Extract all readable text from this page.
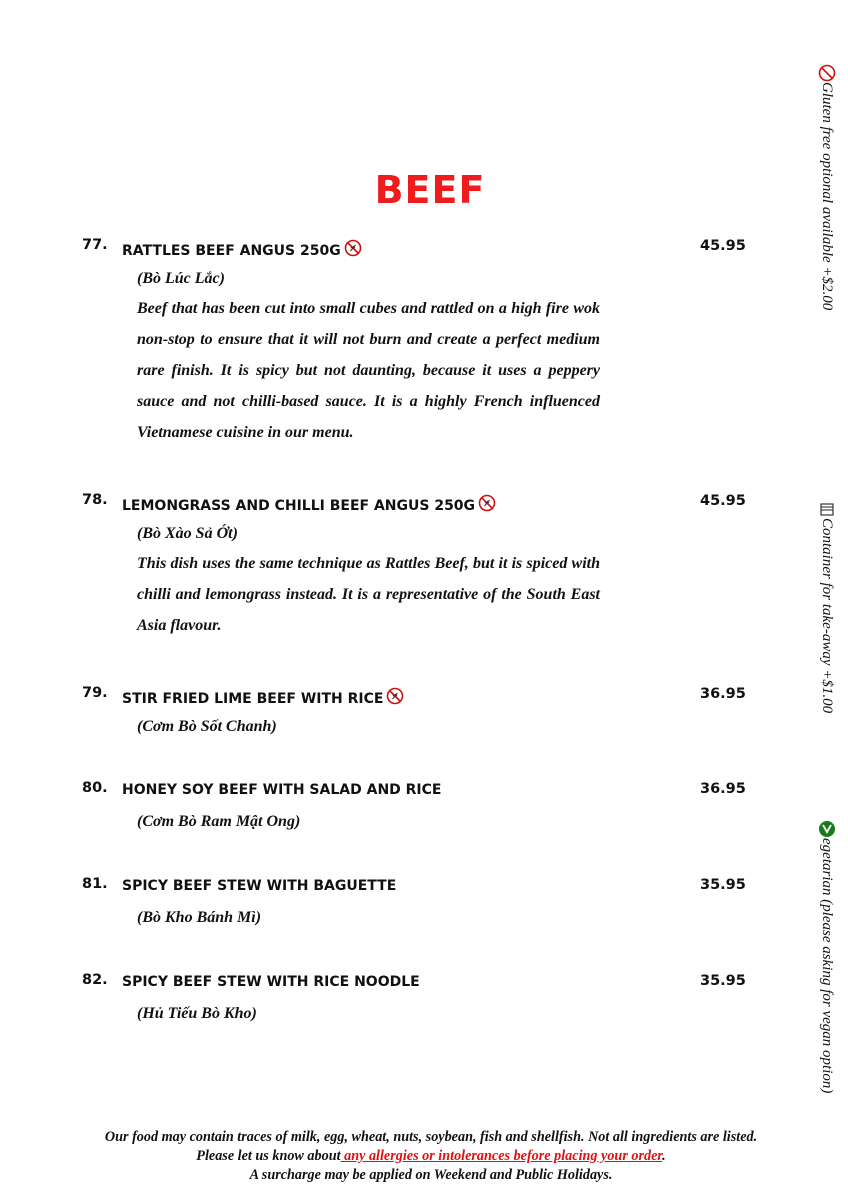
BEEF
77. RATTLES BEEF ANGUS 250G	45.95
(Bò Lúc Lắc)
Beef that has been cut into small cubes and rattled on a high fire wok non-stop to ensure that it will not burn and create a perfect medium rare finish. It is spicy but not daunting, because it uses a peppery sauce and not chilli-based sauce. It is a highly French influenced Vietnamese cuisine in our menu.
78. LEMONGRASS AND CHILLI BEEF ANGUS 250G	45.95
(Bò Xào Sả Ớt)
This dish uses the same technique as Rattles Beef, but it is spiced with chilli and lemongrass instead. It is a representative of the South East Asia flavour.
79. STIR FRIED LIME BEEF WITH RICE	36.95
(Cơm Bò Sốt Chanh)
80. HONEY SOY BEEF WITH SALAD AND RICE	36.95
(Cơm Bò Ram Mật Ong)
81. SPICY BEEF STEW WITH BAGUETTE	35.95
(Bò Kho Bánh Mì)
82. SPICY BEEF STEW WITH RICE NOODLE	35.95
(Hủ Tiếu Bò Kho)
Gluten free optional available +$2.00
Container for take-away +$1.00
egetarian (please asking for vegan option)
Our food may contain traces of milk, egg, wheat, nuts, soybean, fish and shellfish. Not all ingredients are listed.
Please let us know about any allergies or intolerances before placing your order.
A surcharge may be applied on Weekend and Public Holidays.
